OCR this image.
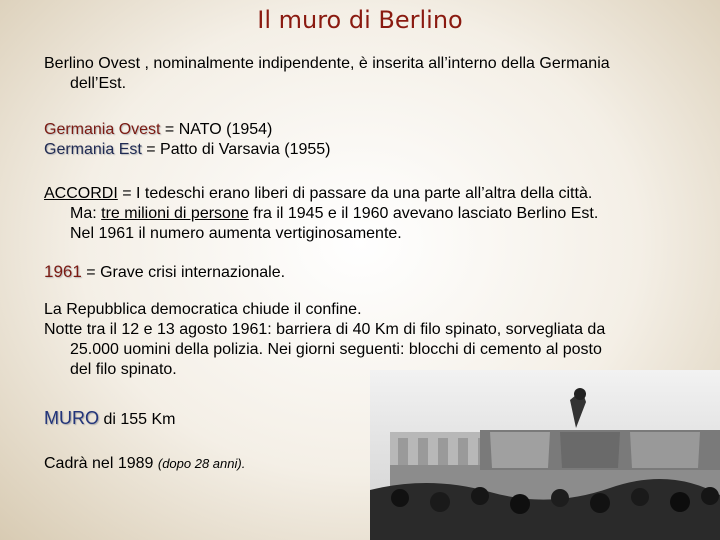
Il muro di Berlino
Berlino Ovest , nominalmente indipendente, è inserita all’interno della Germania
dell’Est.
Germania Ovest = NATO (1954)
Germania Est = Patto di Varsavia (1955)
ACCORDI = I tedeschi erano liberi di passare da una parte all’altra della città.
Ma: tre milioni di persone fra il 1945 e il 1960 avevano lasciato Berlino Est.
Nel 1961 il numero aumenta vertiginosamente.
1961 = Grave crisi internazionale.
La Repubblica democratica chiude il confine.
Notte tra il 12 e 13 agosto 1961: barriera di 40 Km di filo spinato, sorvegliata da
25.000 uomini della polizia. Nei giorni seguenti: blocchi di cemento al posto
del filo spinato.
MURO di 155 Km
Cadrà nel 1989 (dopo 28 anni).
